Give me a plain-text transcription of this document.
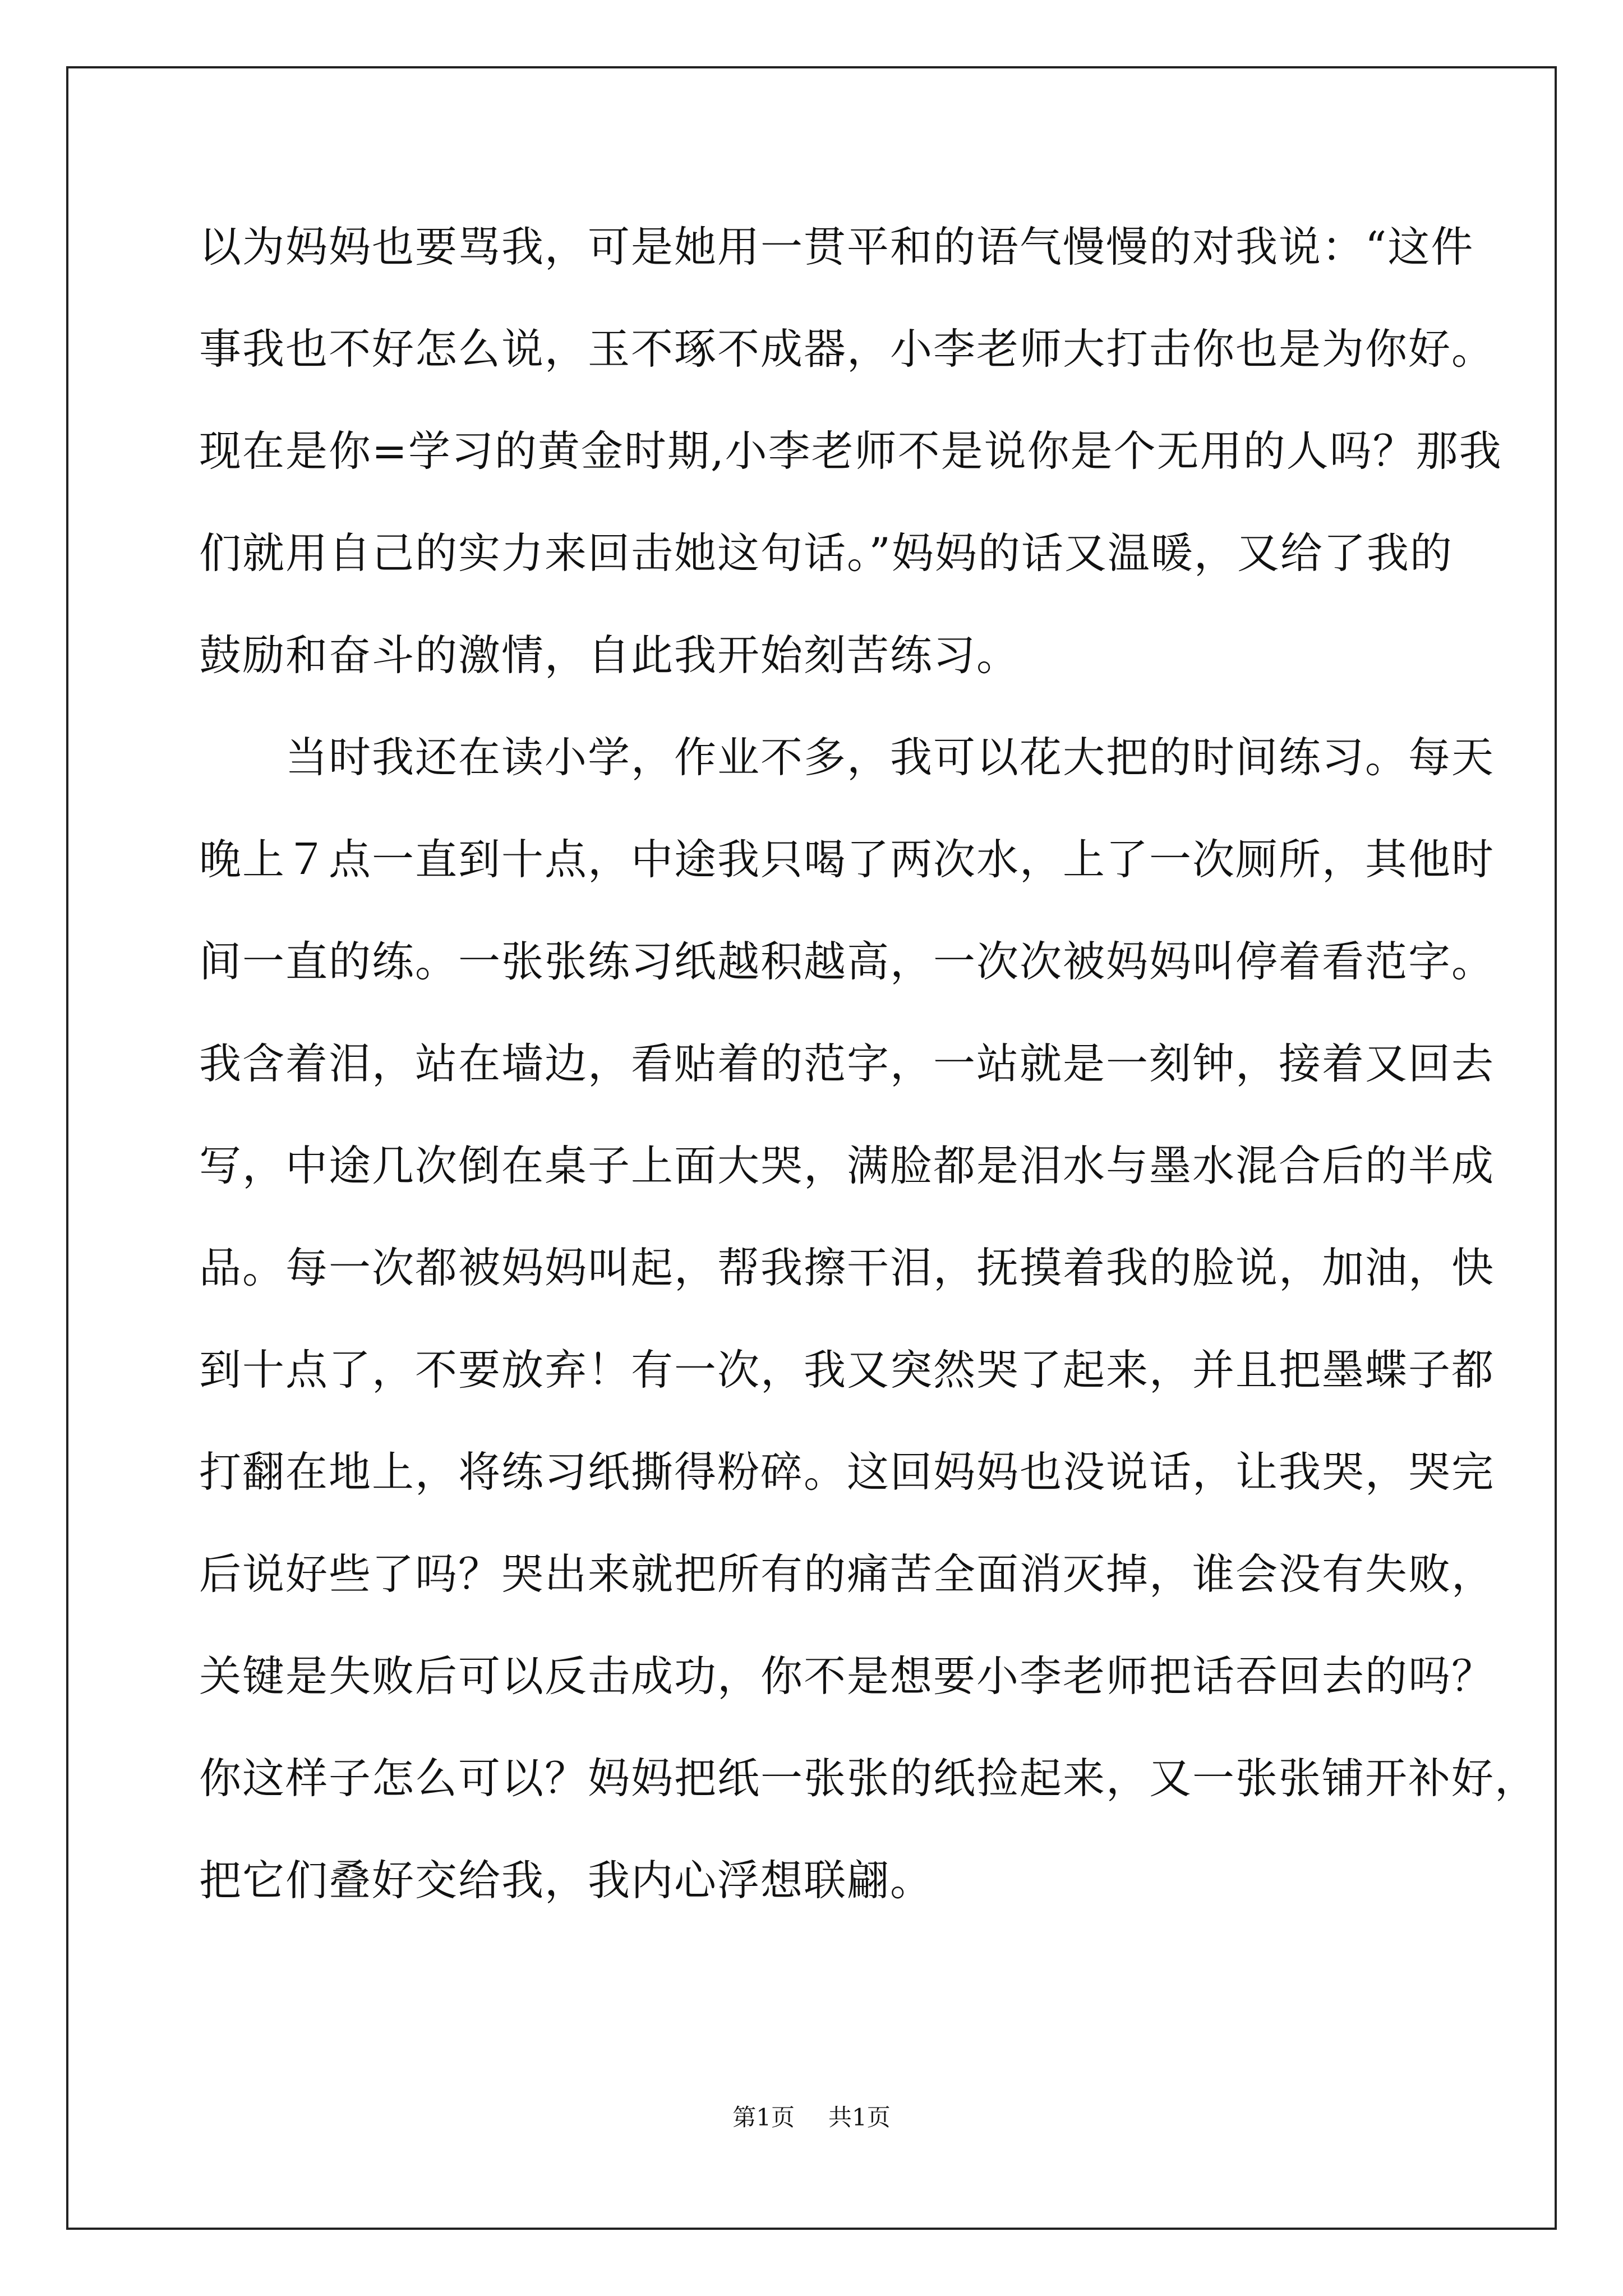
以为妈妈也要骂我，可是她用一贯平和的语气慢慢的对我说：“这件
事我也不好怎么说，玉不琢不成器，小李老师大打击你也是为你好。
现在是你=学习的黄金时期,小李老师不是说你是个无用的人吗？那我
们就用自己的实力来回击她这句话。”妈妈的话又温暖，又给了我的
鼓励和奋斗的激情，自此我开始刻苦练习。
　　当时我还在读小学，作业不多，我可以花大把的时间练习。每天
晚上７点一直到十点，中途我只喝了两次水，上了一次厕所，其他时
间一直的练。一张张练习纸越积越高，一次次被妈妈叫停着看范字。
我含着泪，站在墙边，看贴着的范字，一站就是一刻钟，接着又回去
写，中途几次倒在桌子上面大哭，满脸都是泪水与墨水混合后的半成
品。每一次都被妈妈叫起，帮我擦干泪，抚摸着我的脸说，加油，快
到十点了，不要放弃！有一次，我又突然哭了起来，并且把墨蝶子都
打翻在地上，将练习纸撕得粉碎。这回妈妈也没说话，让我哭，哭完
后说好些了吗？哭出来就把所有的痛苦全面消灭掉，谁会没有失败，
关键是失败后可以反击成功，你不是想要小李老师把话吞回去的吗？
你这样子怎么可以？妈妈把纸一张张的纸捡起来，又一张张铺开补好，
把它们叠好交给我，我内心浮想联翩。
第1页 共1页
